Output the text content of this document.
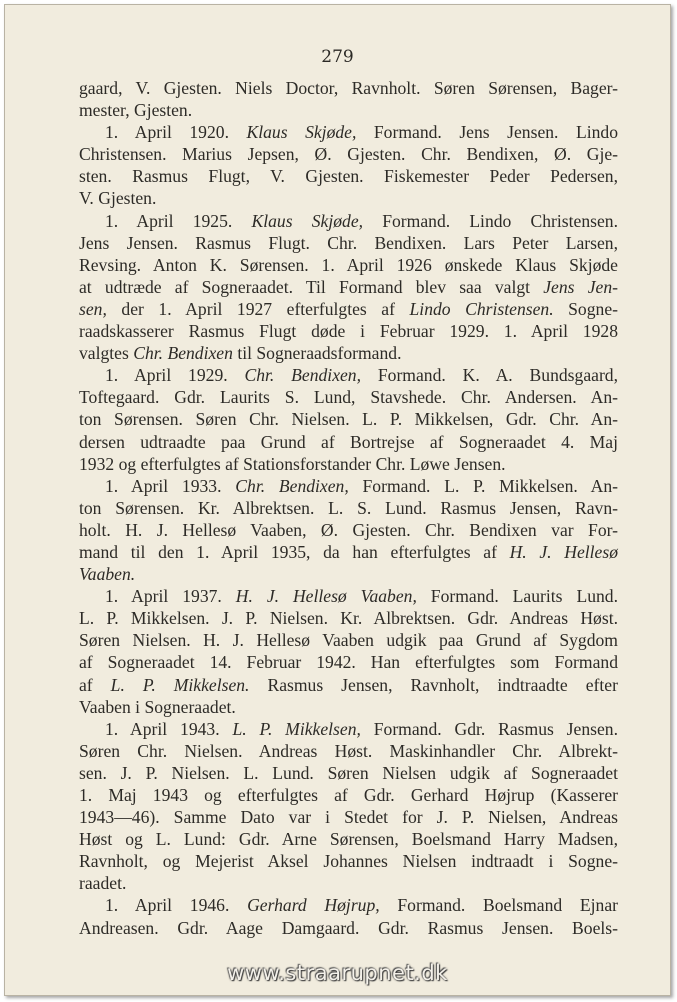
279
gaard, V. Gjesten. Niels Doctor, Ravnholt. Søren Sørensen, Bager-
mester, Gjesten.
1. April 1920. Klaus Skjøde, Formand. Jens Jensen. Lindo
Christensen. Marius Jepsen, Ø. Gjesten. Chr. Bendixen, Ø. Gje-
sten. Rasmus Flugt, V. Gjesten. Fiskemester Peder Pedersen,
V. Gjesten.
1. April 1925. Klaus Skjøde, Formand. Lindo Christensen.
Jens Jensen. Rasmus Flugt. Chr. Bendixen. Lars Peter Larsen,
Revsing. Anton K. Sørensen. 1. April 1926 ønskede Klaus Skjøde
at udtræde af Sogneraadet. Til Formand blev saa valgt Jens Jen-
sen, der 1. April 1927 efterfulgtes af Lindo Christensen. Sogne-
raadskasserer Rasmus Flugt døde i Februar 1929. 1. April 1928
valgtes Chr. Bendixen til Sogneraadsformand.
1. April 1929. Chr. Bendixen, Formand. K. A. Bundsgaard,
Toftegaard. Gdr. Laurits S. Lund, Stavshede. Chr. Andersen. An-
ton Sørensen. Søren Chr. Nielsen. L. P. Mikkelsen, Gdr. Chr. An-
dersen udtraadte paa Grund af Bortrejse af Sogneraadet 4. Maj
1932 og efterfulgtes af Stationsforstander Chr. Løwe Jensen.
1. April 1933. Chr. Bendixen, Formand. L. P. Mikkelsen. An-
ton Sørensen. Kr. Albrektsen. L. S. Lund. Rasmus Jensen, Ravn-
holt. H. J. Hellesø Vaaben, Ø. Gjesten. Chr. Bendixen var For-
mand til den 1. April 1935, da han efterfulgtes af H. J. Hellesø
Vaaben.
1. April 1937. H. J. Hellesø Vaaben, Formand. Laurits Lund.
L. P. Mikkelsen. J. P. Nielsen. Kr. Albrektsen. Gdr. Andreas Høst.
Søren Nielsen. H. J. Hellesø Vaaben udgik paa Grund af Sygdom
af Sogneraadet 14. Februar 1942. Han efterfulgtes som Formand
af L. P. Mikkelsen. Rasmus Jensen, Ravnholt, indtraadte efter
Vaaben i Sogneraadet.
1. April 1943. L. P. Mikkelsen, Formand. Gdr. Rasmus Jensen.
Søren Chr. Nielsen. Andreas Høst. Maskinhandler Chr. Albrekt-
sen. J. P. Nielsen. L. Lund. Søren Nielsen udgik af Sogneraadet
1. Maj 1943 og efterfulgtes af Gdr. Gerhard Højrup (Kasserer
1943—46). Samme Dato var i Stedet for J. P. Nielsen, Andreas
Høst og L. Lund: Gdr. Arne Sørensen, Boelsmand Harry Madsen,
Ravnholt, og Mejerist Aksel Johannes Nielsen indtraadt i Sogne-
raadet.
1. April 1946. Gerhard Højrup, Formand. Boelsmand Ejnar
Andreasen. Gdr. Aage Damgaard. Gdr. Rasmus Jensen. Boels-
www.straarupnet.dk
